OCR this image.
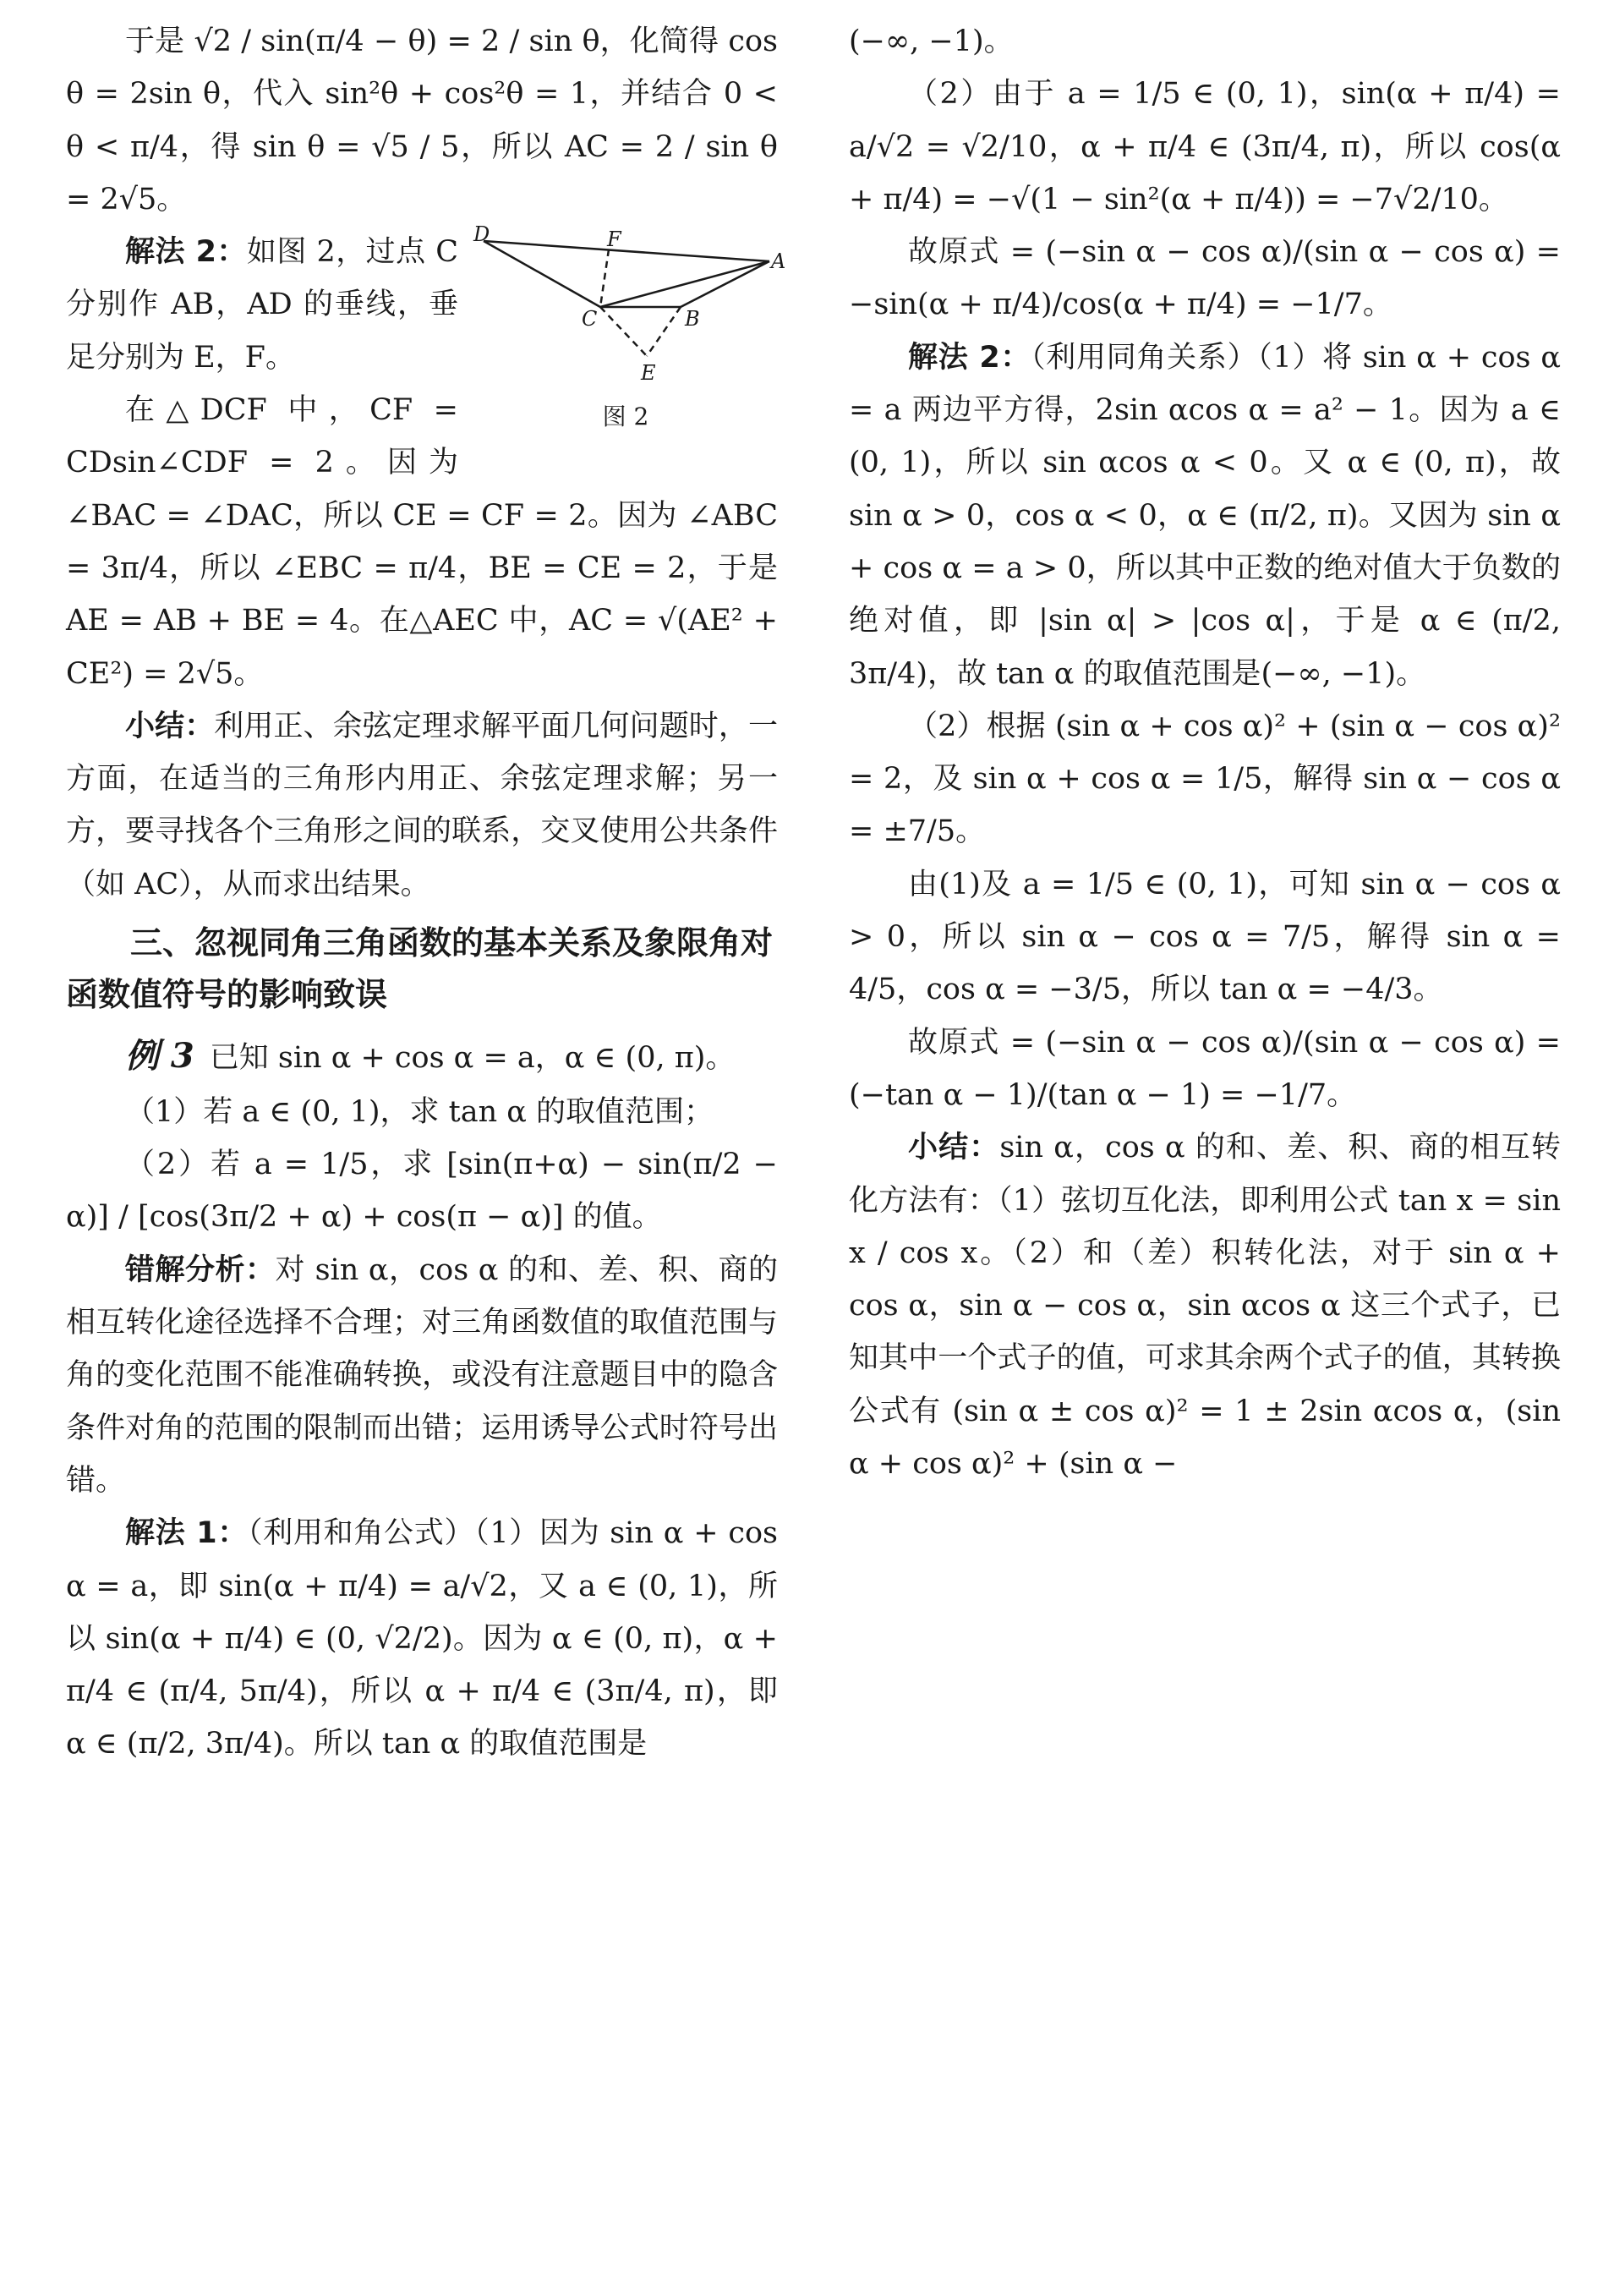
于是 √2 / sin(π/4 − θ) = 2 / sin θ，化简得 cos θ = 2sin θ，代入 sin²θ + cos²θ = 1，并结合 0 < θ < π/4，得 sin θ = √5 / 5，所以 AC = 2 / sin θ = 2√5。

D	F
A
C	B
E
图 2

解法 2：如图 2，过点 C 分别作 AB，AD 的垂线，垂足分别为 E，F。

在△DCF 中，CF = CDsin∠CDF = 2。因为 ∠BAC = ∠DAC，所以 CE = CF = 2。因为 ∠ABC = 3π/4，所以 ∠EBC = π/4，BE = CE = 2，于是 AE = AB + BE = 4。在△AEC 中，AC = √(AE² + CE²) = 2√5。

小结：利用正、余弦定理求解平面几何问题时，一方面，在适当的三角形内用正、余弦定理求解；另一方，要寻找各个三角形之间的联系，交叉使用公共条件（如 AC），从而求出结果。

三、忽视同角三角函数的基本关系及象限角对函数值符号的影响致误

例 3 已知 sin α + cos α = a，α ∈ (0, π)。

（1）若 a ∈ (0, 1)，求 tan α 的取值范围；

（2）若 a = 1/5，求 [sin(π+α) − sin(π/2 − α)] / [cos(3π/2 + α) + cos(π − α)] 的值。

错解分析：对 sin α，cos α 的和、差、积、商的相互转化途径选择不合理；对三角函数值的取值范围与角的变化范围不能准确转换，或没有注意题目中的隐含条件对角的范围的限制而出错；运用诱导公式时符号出错。

解法 1：（利用和角公式）（1）因为 sin α + cos α = a，即 sin(α + π/4) = a/√2，又 a ∈ (0, 1)，所以 sin(α + π/4) ∈ (0, √2/2)。因为 α ∈ (0, π)，α + π/4 ∈ (π/4, 5π/4)，所以 α + π/4 ∈ (3π/4, π)，即 α ∈ (π/2, 3π/4)。所以 tan α 的取值范围是

(−∞, −1)。

（2）由于 a = 1/5 ∈ (0, 1)，sin(α + π/4) = a/√2 = √2/10，α + π/4 ∈ (3π/4, π)，所以 cos(α + π/4) = −√(1 − sin²(α + π/4)) = −7√2/10。

故原式 = (−sin α − cos α)/(sin α − cos α) = −sin(α + π/4)/cos(α + π/4) = −1/7。

解法 2：（利用同角关系）（1）将 sin α + cos α = a 两边平方得，2sin αcos α = a² − 1。因为 a ∈ (0, 1)，所以 sin αcos α < 0。又 α ∈ (0, π)，故 sin α > 0，cos α < 0，α ∈ (π/2, π)。又因为 sin α + cos α = a > 0，所以其中正数的绝对值大于负数的绝对值，即 |sin α| > |cos α|，于是 α ∈ (π/2, 3π/4)，故 tan α 的取值范围是(−∞, −1)。

（2）根据 (sin α + cos α)² + (sin α − cos α)² = 2，及 sin α + cos α = 1/5，解得 sin α − cos α = ±7/5。

由(1)及 a = 1/5 ∈ (0, 1)，可知 sin α − cos α > 0，所以 sin α − cos α = 7/5，解得 sin α = 4/5，cos α = −3/5，所以 tan α = −4/3。

故原式 = (−sin α − cos α)/(sin α − cos α) = (−tan α − 1)/(tan α − 1) = −1/7。

小结：sin α，cos α 的和、差、积、商的相互转化方法有：（1）弦切互化法，即利用公式 tan x = sin x / cos x。（2）和（差）积转化法，对于 sin α + cos α，sin α − cos α，sin αcos α 这三个式子，已知其中一个式子的值，可求其余两个式子的值，其转换公式有 (sin α ± cos α)² = 1 ± 2sin αcos α，(sin α + cos α)² + (sin α −
